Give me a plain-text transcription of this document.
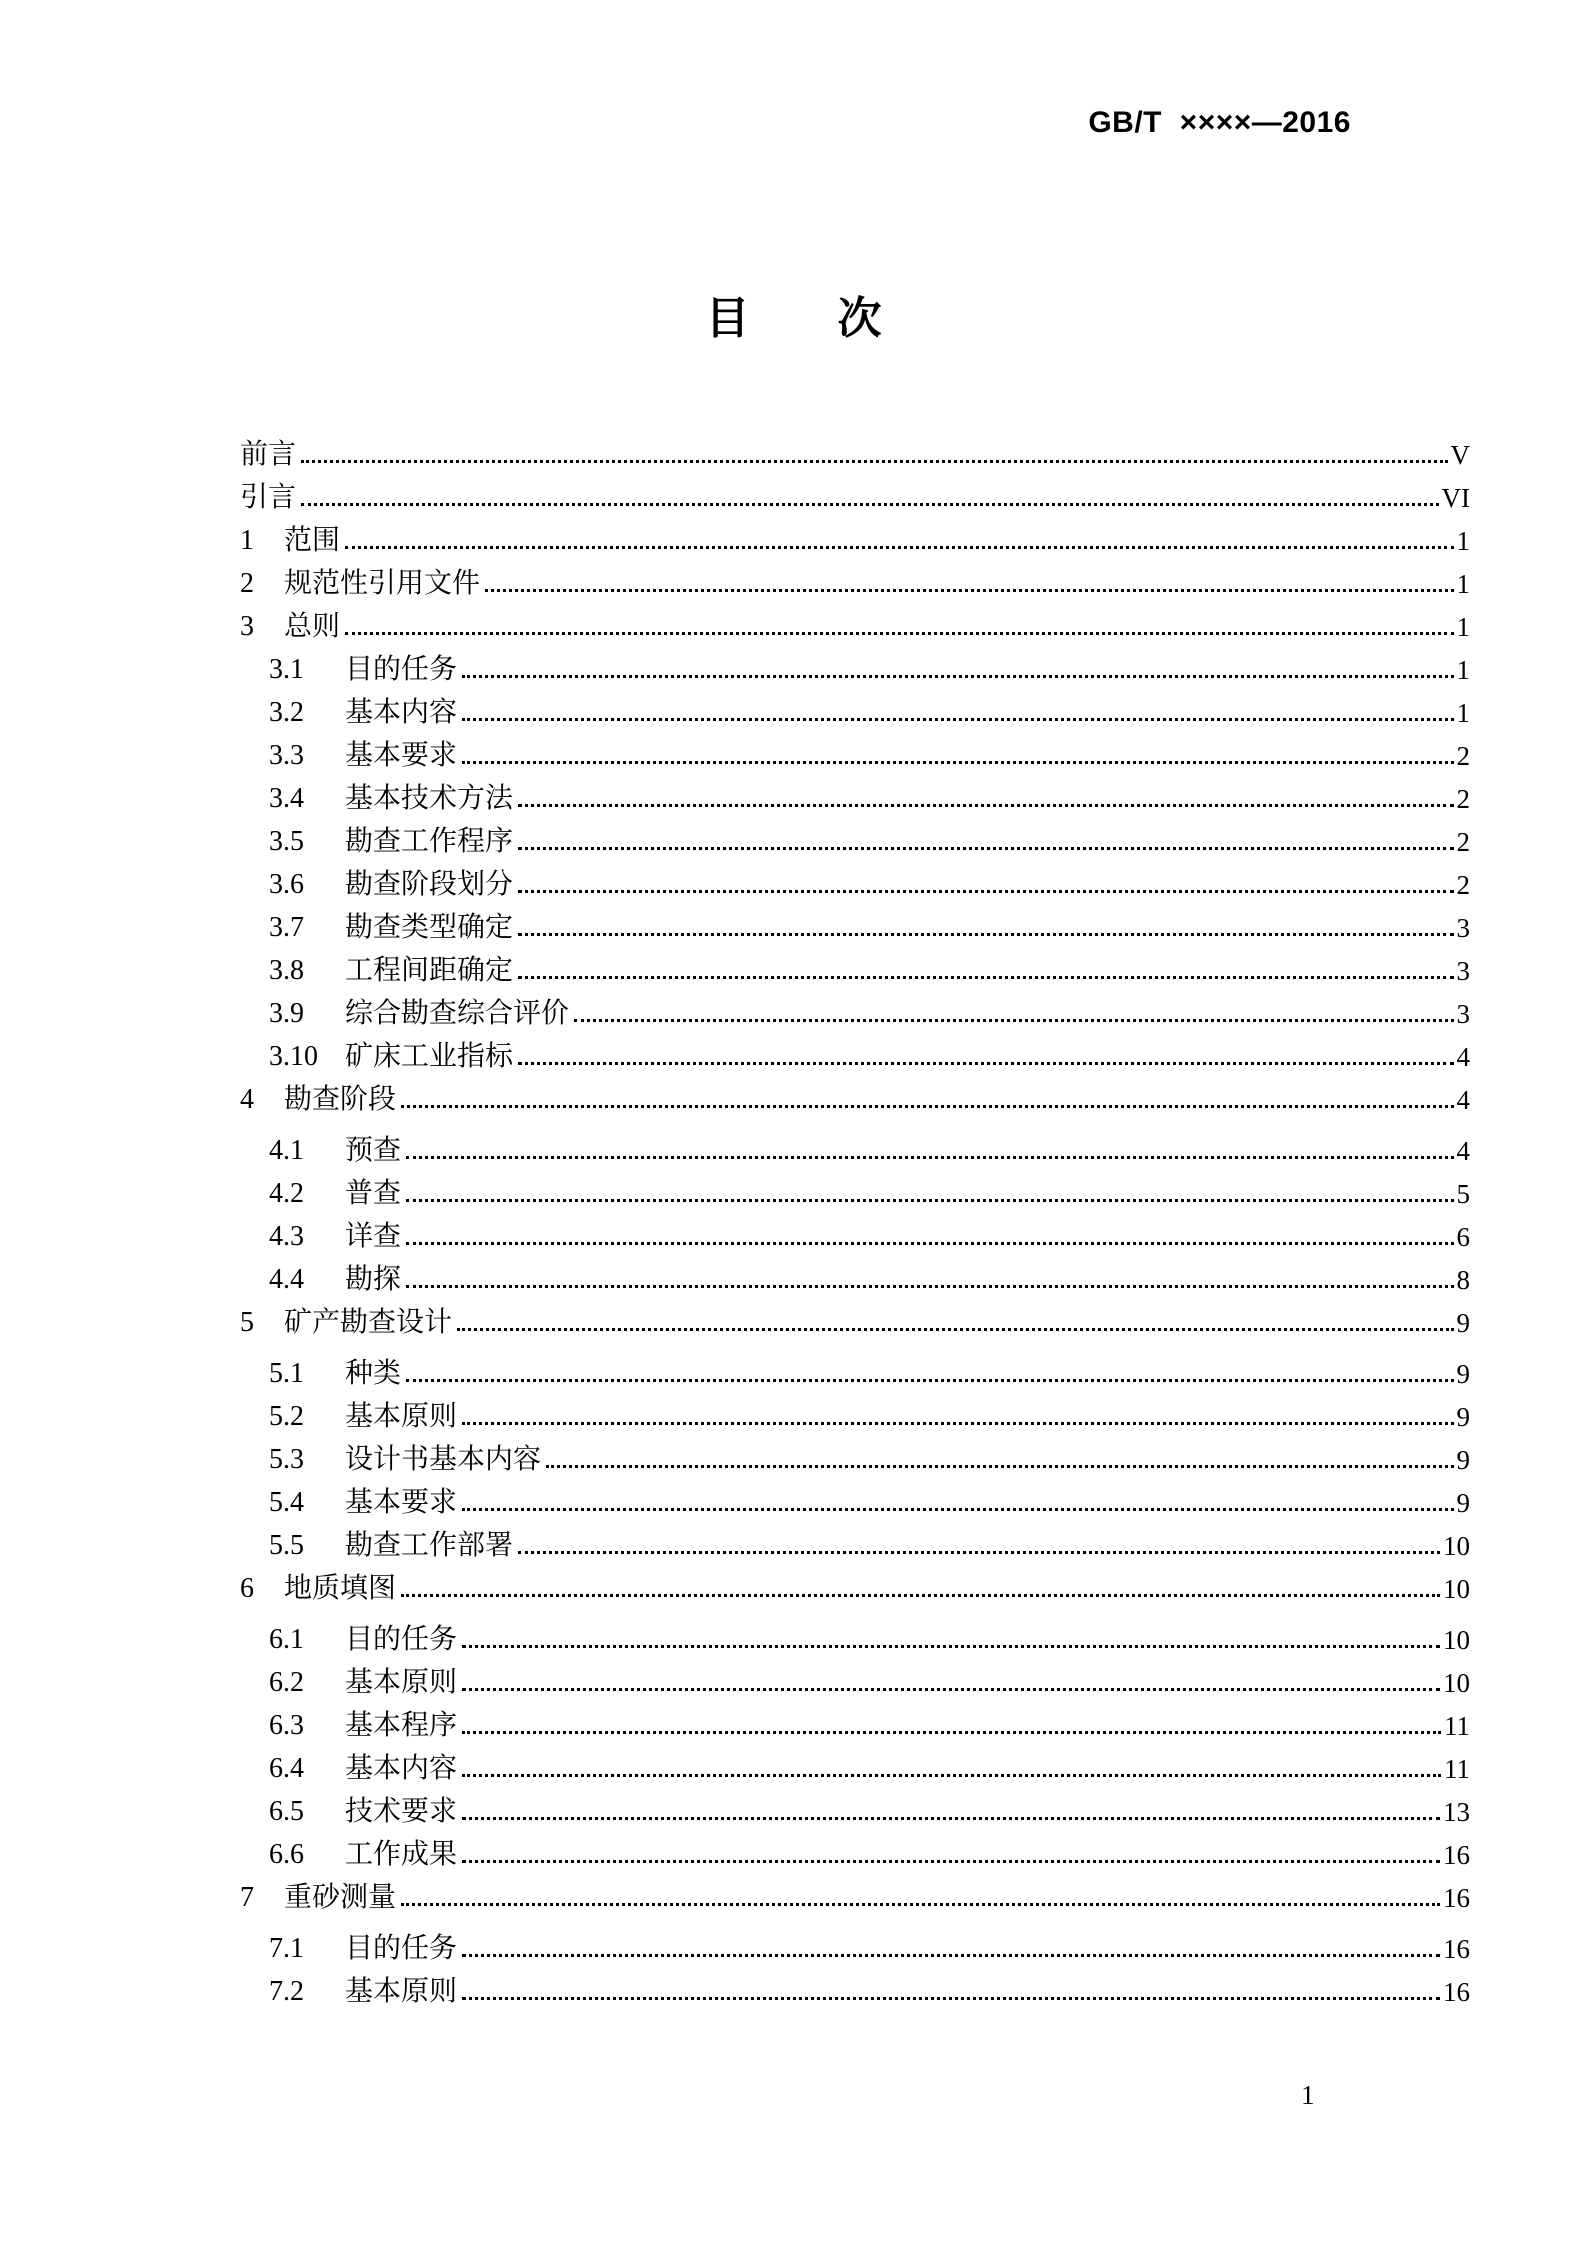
GB/T  ××××—2016
目　　次
前言	V
引言	VI
1	范围	1
2	规范性引用文件	1
3	总则	1
3.1	目的任务	1
3.2	基本内容	1
3.3	基本要求	2
3.4	基本技术方法	2
3.5	勘查工作程序	2
3.6	勘查阶段划分	2
3.7	勘查类型确定	3
3.8	工程间距确定	3
3.9	综合勘查综合评价	3
3.10 矿床工业指标	4
4	勘查阶段	4
4.1	预查	4
4.2	普查	5
4.3	详查	6
4.4	勘探	8
5	矿产勘查设计	9
5.1	种类	9
5.2	基本原则	9
5.3	设计书基本内容	9
5.4	基本要求	9
5.5	勘查工作部署	10
6	地质填图	10
6.1	目的任务	10
6.2	基本原则	10
6.3	基本程序	11
6.4	基本内容	11
6.5	技术要求	13
6.6	工作成果	16
7	重砂测量	16
7.1	目的任务	16
7.2	基本原则	16
1
